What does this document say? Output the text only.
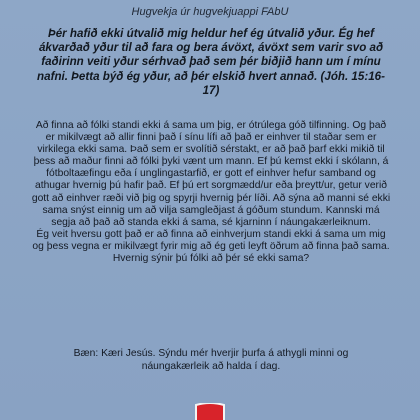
Hugvekja úr hugvekjuappi FAbU
Þér hafið ekki útvalið mig heldur hef ég útvalið yður. Ég hef ákvarðað yður til að fara og bera ávöxt, ávöxt sem varir svo að faðirinn veiti yður sérhvað það sem þér biðjið hann um í mínu nafni. Þetta býð ég yður, að þér elskið hvert annað. (Jóh. 15:16-17)

Að finna að fólki standi ekki á sama um þig, er ótrúlega góð tilfinning. Og það er mikilvægt að allir finni það í sínu lífi að það er einhver til staðar sem er virkilega ekki sama. Það sem er svolítið sérstakt, er að það þarf ekki mikið til þess að maður finni að fólki þyki vænt um mann. Ef þú kemst ekki í skólann, á fótboltaæfingu eða í unglingastarfið, er gott ef einhver hefur samband og athugar hvernig þú hafir það. Ef þú ert sorgmædd/ur eða þreytt/ur, getur verið gott að einhver ræði við þig og spyrji hvernig þér líði. Að sýna að manni sé ekki sama snýst einnig um að vilja samgleðjast á góðum stundum. Kannski má segja að það að standa ekki á sama, sé kjarninn í náungakærleiknum.

Ég veit hversu gott það er að finna að einhverjum standi ekki á sama um mig og þess vegna er mikilvægt fyrir mig að ég geti leyft öðrum að finna það sama. Hvernig sýnir þú fólki að þér sé ekki sama?

Bæn: Kæri Jesús. Sýndu mér hverjir þurfa á athygli minni og náungakærleik að halda í dag.
